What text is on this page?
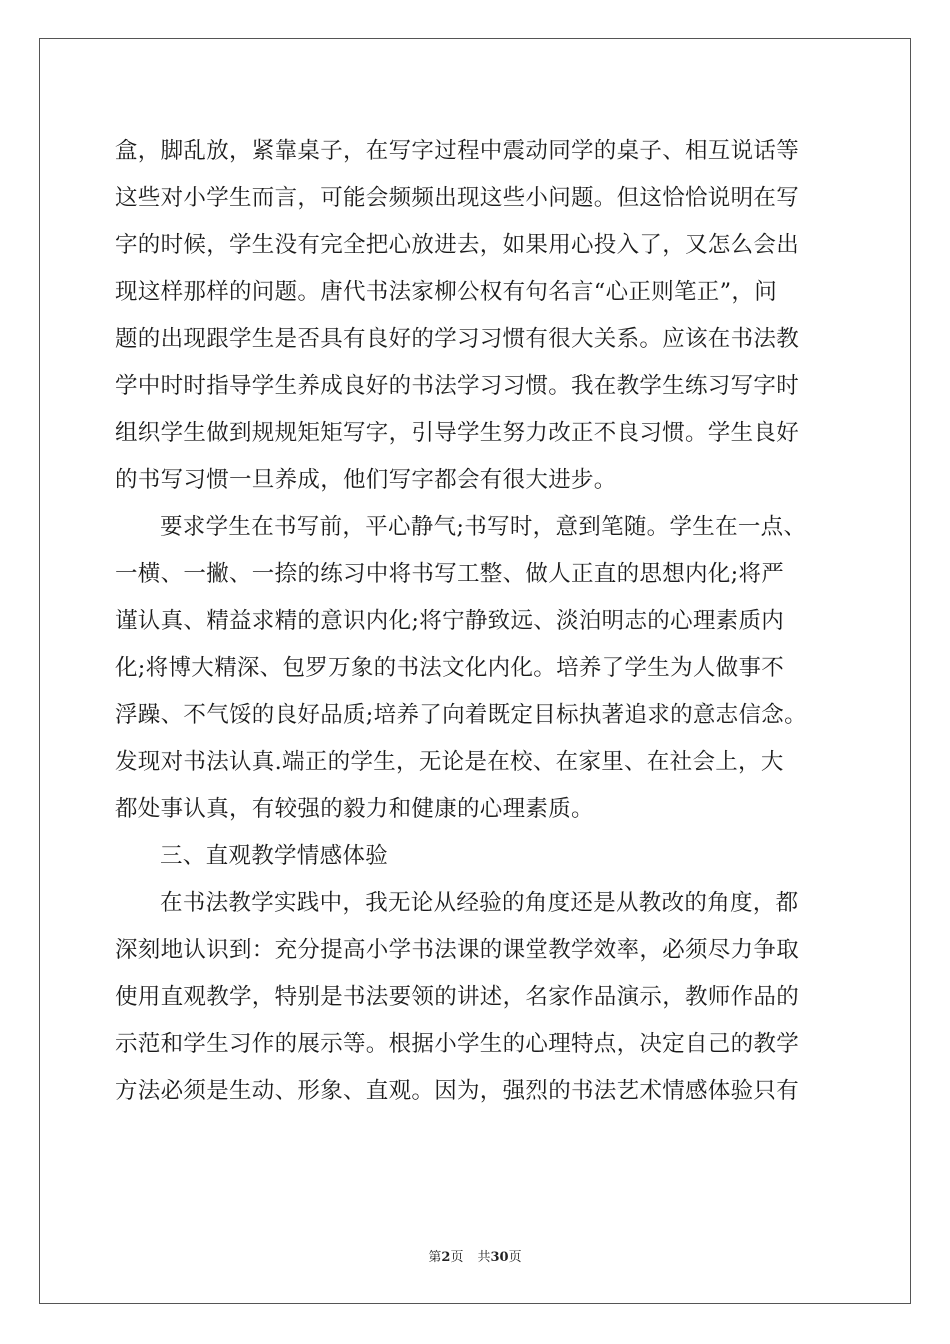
盒，脚乱放，紧靠桌子，在写字过程中震动同学的桌子、相互说话等
这些对小学生而言，可能会频频出现这些小问题。但这恰恰说明在写
字的时候，学生没有完全把心放进去，如果用心投入了，又怎么会出
现这样那样的问题。唐代书法家柳公权有句名言“心正则笔正”，问
题的出现跟学生是否具有良好的学习习惯有很大关系。应该在书法教
学中时时指导学生养成良好的书法学习习惯。我在教学生练习写字时
组织学生做到规规矩矩写字，引导学生努力改正不良习惯。学生良好
的书写习惯一旦养成，他们写字都会有很大进步。
要求学生在书写前，平心静气;书写时，意到笔随。学生在一点、
一横、一撇、一捺的练习中将书写工整、做人正直的思想内化;将严
谨认真、精益求精的意识内化;将宁静致远、淡泊明志的心理素质内
化;将博大精深、包罗万象的书法文化内化。培养了学生为人做事不
浮躁、不气馁的良好品质;培养了向着既定目标执著追求的意志信念。
发现对书法认真.端正的学生，无论是在校、在家里、在社会上，大
都处事认真，有较强的毅力和健康的心理素质。
三、直观教学情感体验
在书法教学实践中，我无论从经验的角度还是从教改的角度，都
深刻地认识到：充分提高小学书法课的课堂教学效率，必须尽力争取
使用直观教学，特别是书法要领的讲述，名家作品演示，教师作品的
示范和学生习作的展示等。根据小学生的心理特点，决定自己的教学
方法必须是生动、形象、直观。因为，强烈的书法艺术情感体验只有
第2页 共30页
